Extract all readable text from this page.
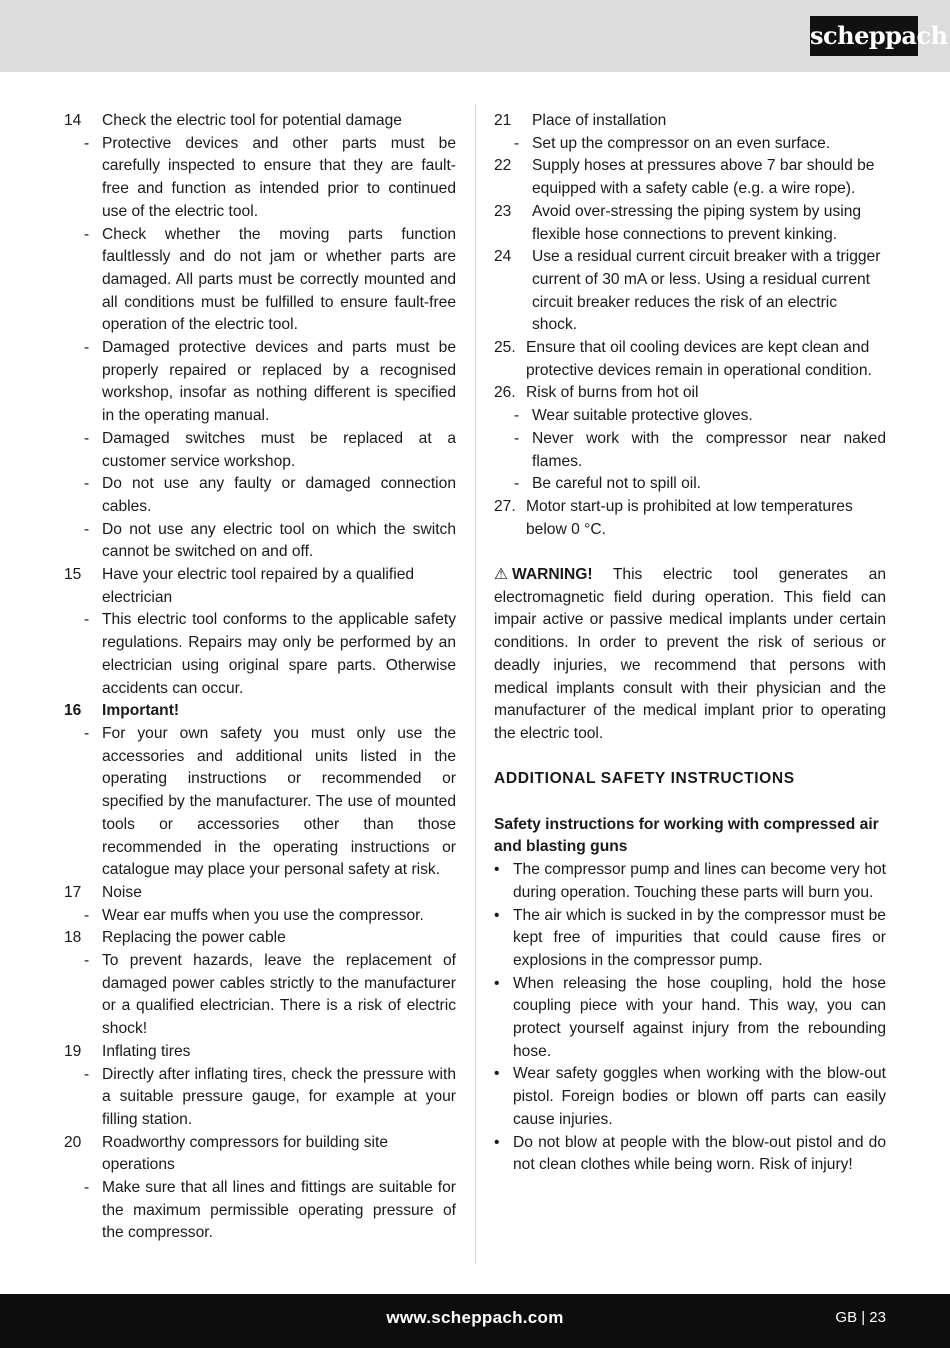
scheppach
14	Check the electric tool for potential damage
- Protective devices and other parts must be carefully inspected to ensure that they are fault-free and function as intended prior to continued use of the electric tool.
- Check whether the moving parts function faultlessly and do not jam or whether parts are damaged. All parts must be correctly mounted and all conditions must be fulfilled to ensure fault-free operation of the electric tool.
- Damaged protective devices and parts must be properly repaired or replaced by a recognised workshop, insofar as nothing different is specified in the operating manual.
- Damaged switches must be replaced at a customer service workshop.
- Do not use any faulty or damaged connection cables.
- Do not use any electric tool on which the switch cannot be switched on and off.
15	Have your electric tool repaired by a qualified electrician
- This electric tool conforms to the applicable safety regulations. Repairs may only be performed by an electrician using original spare parts. Otherwise accidents can occur.
16	Important!
- For your own safety you must only use the accessories and additional units listed in the operating instructions or recommended or specified by the manufacturer. The use of mounted tools or accessories other than those recommended in the operating instructions or catalogue may place your personal safety at risk.
17	Noise
- Wear ear muffs when you use the compressor.
18	Replacing the power cable
- To prevent hazards, leave the replacement of damaged power cables strictly to the manufacturer or a qualified electrician. There is a risk of electric shock!
19	Inflating tires
- Directly after inflating tires, check the pressure with a suitable pressure gauge, for example at your filling station.
20	Roadworthy compressors for building site operations
- Make sure that all lines and fittings are suitable for the maximum permissible operating pressure of the compressor.
21	Place of installation
- Set up the compressor on an even surface.
22	Supply hoses at pressures above 7 bar should be equipped with a safety cable (e.g. a wire rope).
23	Avoid over-stressing the piping system by using flexible hose connections to prevent kinking.
24	Use a residual current circuit breaker with a trigger current of 30 mA or less. Using a residual current circuit breaker reduces the risk of an electric shock.
25. Ensure that oil cooling devices are kept clean and protective devices remain in operational condition.
26. Risk of burns from hot oil
- Wear suitable protective gloves.
- Never work with the compressor near naked flames.
- Be careful not to spill oil.
27. Motor start-up is prohibited at low temperatures below 0 °C.
⚠ WARNING! This electric tool generates an electromagnetic field during operation. This field can impair active or passive medical implants under certain conditions. In order to prevent the risk of serious or deadly injuries, we recommend that persons with medical implants consult with their physician and the manufacturer of the medical implant prior to operating the electric tool.
ADDITIONAL SAFETY INSTRUCTIONS
Safety instructions for working with compressed air and blasting guns
• The compressor pump and lines can become very hot during operation. Touching these parts will burn you.
• The air which is sucked in by the compressor must be kept free of impurities that could cause fires or explosions in the compressor pump.
• When releasing the hose coupling, hold the hose coupling piece with your hand. This way, you can protect yourself against injury from the rebounding hose.
• Wear safety goggles when working with the blow-out pistol. Foreign bodies or blown off parts can easily cause injuries.
• Do not blow at people with the blow-out pistol and do not clean clothes while being worn. Risk of injury!
www.scheppach.com	GB | 23
